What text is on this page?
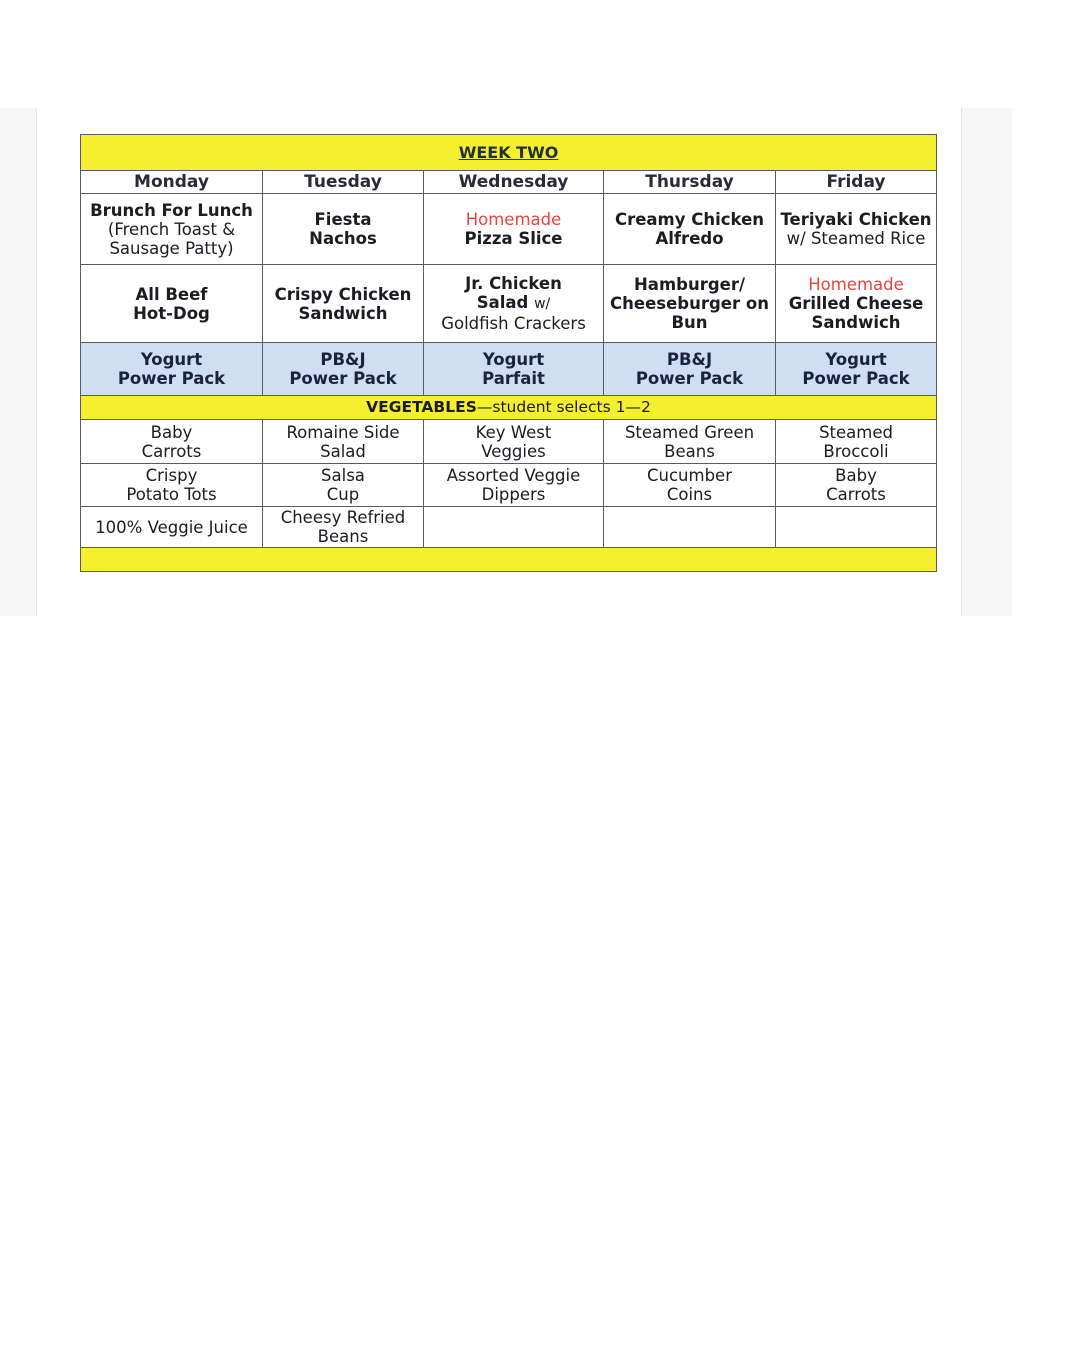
WEEK TWO				
Monday	Tuesday	Wednesday	Thursday	Friday

Brunch For Lunch
(French Toast &
Sausage Patty)	Fiesta
Nachos	Homemade
Pizza Slice	Creamy Chicken
Alfredo	Teriyaki Chicken
w/ Steamed Rice

All Beef
Hot-Dog	Crispy Chicken
Sandwich	Jr. Chicken
Salad w/
Goldfish Crackers	Hamburger/
Cheeseburger on
Bun	Homemade
Grilled Cheese
Sandwich

Yogurt
Power Pack	PB&J
Power Pack	Yogurt
Parfait	PB&J
Power Pack	Yogurt
Power Pack

VEGETABLES—student selects 1—2				

Baby
Carrots	Romaine Side
Salad	Key West
Veggies	Steamed Green
Beans	Steamed
Broccoli

Crispy
Potato Tots	Salsa
Cup	Assorted Veggie
Dippers	Cucumber
Coins	Baby
Carrots

100% Veggie Juice	Cheesy Refried
Beans			
